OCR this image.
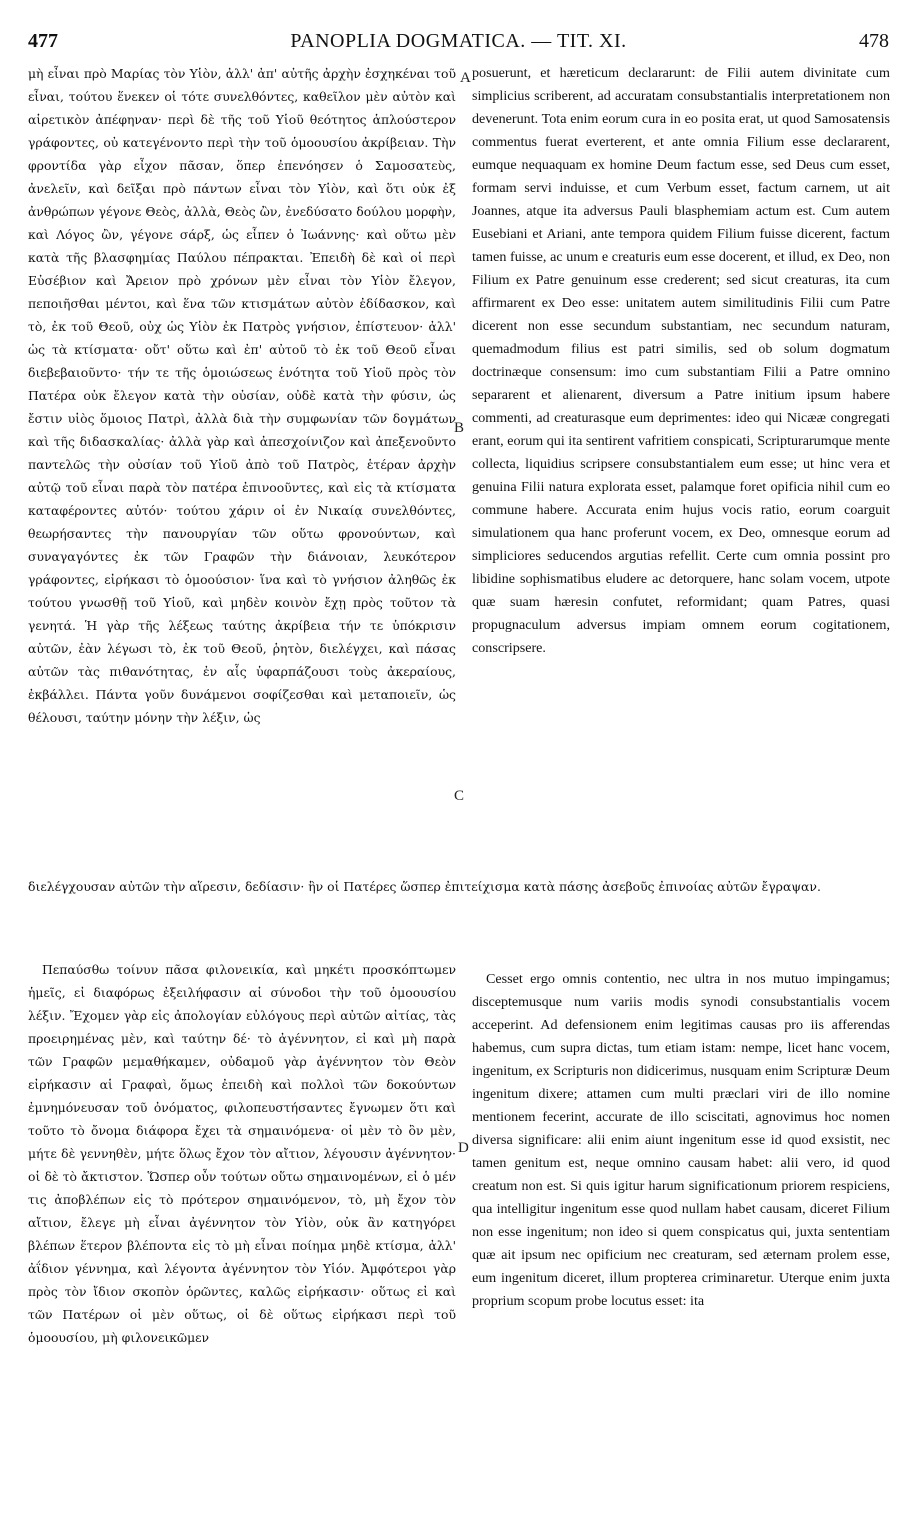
477	PANOPLIA DOGMATICA. — TIT. XI.	478

μὴ εἶναι πρὸ Μαρίας τὸν Υἱὸν, ἀλλ' ἀπ' αὐτῆς ἀρχὴν ἐσχηκέναι τοῦ εἶναι, τούτου ἕνεκεν οἱ τότε συνελθόντες, καθεῖλον μὲν αὐτὸν καὶ αἱρετικὸν ἀπέφηναν· περὶ δὲ τῆς τοῦ Υἱοῦ θεότητος ἁπλούστερον γράφοντες, οὐ κατεγένοντο περὶ τὴν τοῦ ὁμοουσίου ἀκρίβειαν. Τὴν φροντίδα γὰρ εἶχον πᾶσαν, ὅπερ ἐπενόησεν ὁ Σαμοσατεὺς, ἀνελεῖν, καὶ δεῖξαι πρὸ πάντων εἶναι τὸν Υἱὸν, καὶ ὅτι οὐκ ἐξ ἀνθρώπων γέγονε Θεὸς, ἀλλὰ, Θεὸς ὢν, ἐνεδύσατο δούλου μορφὴν, καὶ Λόγος ὢν, γέγονε σάρξ, ὡς εἶπεν ὁ Ἰωάννης· καὶ οὕτω μὲν κατὰ τῆς βλασφημίας Παύλου πέπρακται. Ἐπειδὴ δὲ καὶ οἱ περὶ Εὐσέβιον καὶ Ἄρειον πρὸ χρόνων μὲν εἶναι τὸν Υἱὸν ἔλεγον, πεποιῆσθαι μέντοι, καὶ ἕνα τῶν κτισμάτων αὐτὸν ἐδίδασκον, καὶ τὸ, ἐκ τοῦ Θεοῦ, οὐχ ὡς Υἱὸν ἐκ Πατρὸς γνήσιον, ἐπίστευον· ἀλλ' ὡς τὰ κτίσματα· οὔτ' οὕτω καὶ ἐπ' αὐτοῦ τὸ ἐκ τοῦ Θεοῦ εἶναι διεβεβαιοῦντο· τήν τε τῆς ὁμοιώσεως ἑνότητα τοῦ Υἱοῦ πρὸς τὸν Πατέρα οὐκ ἔλεγον κατὰ τὴν οὐσίαν, οὐδὲ κατὰ τὴν φύσιν, ὡς ἔστιν υἱὸς ὅμοιος Πατρὶ, ἀλλὰ διὰ τὴν συμφωνίαν τῶν δογμάτων καὶ τῆς διδασκαλίας· ἀλλὰ γὰρ καὶ ἀπεσχοίνιζον καὶ ἀπεξενοῦντο παντελῶς τὴν οὐσίαν τοῦ Υἱοῦ ἀπὸ τοῦ Πατρὸς, ἑτέραν ἀρχὴν αὐτῷ τοῦ εἶναι παρὰ τὸν πατέρα ἐπινοοῦντες, καὶ εἰς τὰ κτίσματα καταφέροντες αὐτόν· τούτου χάριν οἱ ἐν Νικαίᾳ συνελθόντες, θεωρήσαντες τὴν πανουργίαν τῶν οὕτω φρονούντων, καὶ συναγαγόντες ἐκ τῶν Γραφῶν τὴν διάνοιαν, λευκότερον γράφοντες, εἰρήκασι τὸ ὁμοούσιον· ἵνα καὶ τὸ γνήσιον ἀληθῶς ἐκ τούτου γνωσθῇ τοῦ Υἱοῦ, καὶ μηδὲν κοινὸν ἔχῃ πρὸς τοῦτον τὰ γενητά. Ἡ γὰρ τῆς λέξεως ταύτης ἀκρίβεια τήν τε ὑπόκρισιν αὐτῶν, ἐὰν λέγωσι τὸ, ἐκ τοῦ Θεοῦ, ῥητὸν, διελέγχει, καὶ πάσας αὐτῶν τὰς πιθανότητας, ἐν αἷς ὑφαρπάζουσι τοὺς ἀκεραίους, ἐκβάλλει. Πάντα γοῦν δυνάμενοι σοφίζεσθαι καὶ μεταποιεῖν, ὡς θέλουσι, ταύτην μόνην τὴν λέξιν, ὡς

posuerunt, et hæreticum declararunt: de Filii autem divinitate cum simplicius scriberent, ad accuratam consubstantialis interpretationem non devenerunt. Tota enim eorum cura in eo posita erat, ut quod Samosatensis commentus fuerat everterent, et ante omnia Filium esse declararent, eumque nequaquam ex homine Deum factum esse, sed Deus cum esset, formam servi induisse, et cum Verbum esset, factum carnem, ut ait Joannes, atque ita adversus Pauli blasphemiam actum est. Cum autem Eusebiani et Ariani, ante tempora quidem Filium fuisse dicerent, factum tamen fuisse, ac unum e creaturis eum esse docerent, et illud, ex Deo, non Filium ex Patre genuinum esse crederent; sed sicut creaturas, ita cum affirmarent ex Deo esse: unitatem autem similitudinis Filii cum Patre dicerent non esse secundum substantiam, nec secundum naturam, quemadmodum filius est patri similis, sed ob solum dogmatum doctrinæque consensum: imo cum substantiam Filii a Patre omnino separarent et alienarent, diversum a Patre initium ipsum habere commenti, ad creaturasque eum deprimentes: ideo qui Nicææ congregati erant, eorum qui ita sentirent vafritiem conspicati, Scripturarumque mente collecta, liquidius scripsere consubstantialem eum esse; ut hinc vera et genuina Filii natura explorata esset, palamque foret opificia nihil cum eo commune habere. Accurata enim hujus vocis ratio, eorum coarguit simulationem qua hanc proferunt vocem, ex Deo, omnesque eorum ad simpliciores seducendos argutias refellit. Certe cum omnia possint pro libidine sophismatibus eludere ac detorquere, hanc solam vocem, utpote quæ suam hæresin confutet, reformidant; quam Patres, quasi propugnaculum adversus impiam omnem eorum cogitationem, conscripsere.

διελέγχουσαν αὐτῶν τὴν αἵρεσιν, δεδίασιν· ἣν οἱ Πατέρες ὥσπερ ἐπιτείχισμα κατὰ πάσης ἀσεβοῦς ἐπινοίας αὐτῶν ἔγραψαν.

Πεπαύσθω τοίνυν πᾶσα φιλονεικία, καὶ μηκέτι προσκόπτωμεν ἡμεῖς, εἰ διαφόρως ἐξειλήφασιν αἱ σύνοδοι τὴν τοῦ ὁμοουσίου λέξιν. Ἔχομεν γὰρ εἰς ἀπολογίαν εὐλόγους περὶ αὐτῶν αἰτίας, τὰς προειρημένας μὲν, καὶ ταύτην δέ· τὸ ἀγέννητον, εἰ καὶ μὴ παρὰ τῶν Γραφῶν μεμαθήκαμεν, οὐδαμοῦ γὰρ ἀγέννητον τὸν Θεὸν εἰρήκασιν αἱ Γραφαὶ, ὅμως ἐπειδὴ καὶ πολλοὶ τῶν δοκούντων ἐμνημόνευσαν τοῦ ὀνόματος, φιλοπευστήσαντες ἔγνωμεν ὅτι καὶ τοῦτο τὸ ὄνομα διάφορα ἔχει τὰ σημαινόμενα· οἱ μὲν τὸ ὂν μὲν, μήτε δὲ γεννηθὲν, μήτε ὅλως ἔχον τὸν αἴτιον, λέγουσιν ἀγέννητον· οἱ δὲ τὸ ἄκτιστον. Ὥσπερ οὖν τούτων οὕτω σημαινομένων, εἰ ὁ μέν τις ἀποβλέπων εἰς τὸ πρότερον σημαινόμενον, τὸ, μὴ ἔχον τὸν αἴτιον, ἔλεγε μὴ εἶναι ἀγέννητον τὸν Υἱὸν, οὐκ ἂν κατηγόρει βλέπων ἕτερον βλέποντα εἰς τὸ μὴ εἶναι ποίημα μηδὲ κτίσμα, ἀλλ' ἀΐδιον γέννημα, καὶ λέγοντα ἀγέννητον τὸν Υἱόν. Ἀμφότεροι γὰρ πρὸς τὸν ἴδιον σκοπὸν ὁρῶντες, καλῶς εἰρήκασιν· οὕτως εἰ καὶ τῶν Πατέρων οἱ μὲν οὕτως, οἱ δὲ οὕτως εἰρήκασι περὶ τοῦ ὁμοουσίου, μὴ φιλονεικῶμεν

Cesset ergo omnis contentio, nec ultra in nos mutuo impingamus; disceptemusque num variis modis synodi consubstantialis vocem acceperint. Ad defensionem enim legitimas causas pro iis afferendas habemus, cum supra dictas, tum etiam istam: nempe, licet hanc vocem, ingenitum, ex Scripturis non didicerimus, nusquam enim Scripturæ Deum ingenitum dixere; attamen cum multi præclari viri de illo nomine mentionem fecerint, accurate de illo sciscitati, agnovimus hoc nomen diversa significare: alii enim aiunt ingenitum esse id quod exsistit, nec tamen genitum est, neque omnino causam habet: alii vero, id quod creatum non est. Si quis igitur harum significationum priorem respiciens, qua intelligitur ingenitum esse quod nullam habet causam, diceret Filium non esse ingenitum; non ideo si quem conspicatus qui, juxta sententiam quæ ait ipsum nec opificium nec creaturam, sed æternam prolem esse, eum ingenitum diceret, illum propterea criminaretur. Uterque enim juxta proprium scopum probe locutus esset: ita

A
B
C
D
